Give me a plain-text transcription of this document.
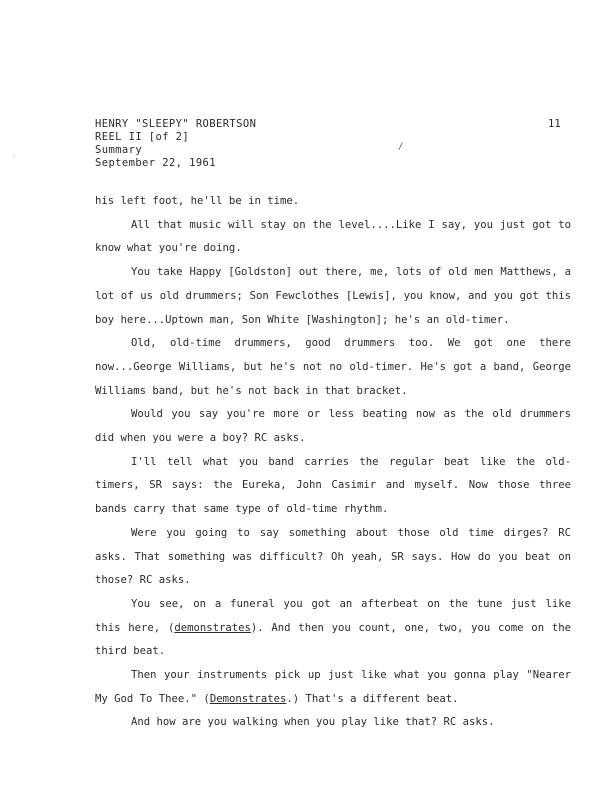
HENRY "SLEEPY" ROBERTSON
REEL II [of 2]
Summary
September 22, 1961
11
/
·

his left foot, he'll be in time.

All that music will stay on the level....Like I say, you just got to know what you're doing.

You take Happy [Goldston] out there, me, lots of old men Matthews, a lot of us old drummers; Son Fewclothes [Lewis], you know, and you got this boy here...Uptown man, Son White [Washington]; he's an old-timer.

Old, old-time drummers, good drummers too. We got one there now...George Williams, but he's not no old-timer. He's got a band, George Williams band, but he's not back in that bracket.

Would you say you're more or less beating now as the old drummers did when you were a boy? RC asks.

I'll tell what you band carries the regular beat like the old-timers, SR says: the Eureka, John Casimir and myself. Now those three bands carry that same type of old-time rhythm.

Were you going to say something about those old time dirges? RC asks. That something was difficult? Oh yeah, SR says. How do you beat on those? RC asks.

You see, on a funeral you got an afterbeat on the tune just like this here, (demonstrates). And then you count, one, two, you come on the third beat.

Then your instruments pick up just like what you gonna play "Nearer My God To Thee." (Demonstrates.) That's a different beat.

And how are you walking when you play like that? RC asks.
